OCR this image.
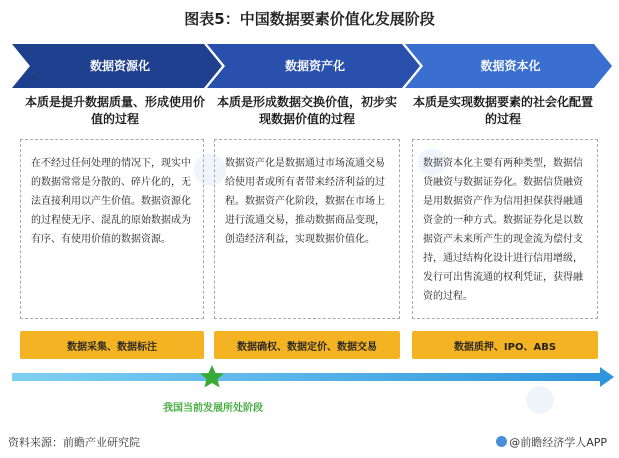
图表5：中国数据要素价值化发展阶段
数据资源化	数据资产化	数据资本化
本质是提升数据质量、形成使用价值的过程
本质是形成数据交换价值，初步实现数据价值的过程
本质是实现数据要素的社会化配置的过程
在不经过任何处理的情况下，现实中的数据常常是分散的、碎片化的，无法直接利用以产生价值。数据资源化的过程使无序、混乱的原始数据成为有序、有使用价值的数据资源。
数据资产化是数据通过市场流通交易给使用者或所有者带来经济利益的过程。数据资产化阶段，数据在市场上进行流通交易，推动数据商品变现，创造经济利益，实现数据价值化。
数据资本化主要有两种类型，数据信贷融资与数据证券化。数据信贷融资是用数据资产作为信用担保获得融通资金的一种方式。数据证券化是以数据资产未来所产生的现金流为偿付支持，通过结构化设计进行信用增级，发行可出售流通的权利凭证，获得融资的过程。
数据采集、数据标注	数据确权、数据定价、数据交易	数据质押、IPO、ABS
我国当前发展所处阶段
资料来源：前瞻产业研究院	@前瞻经济学人APP
